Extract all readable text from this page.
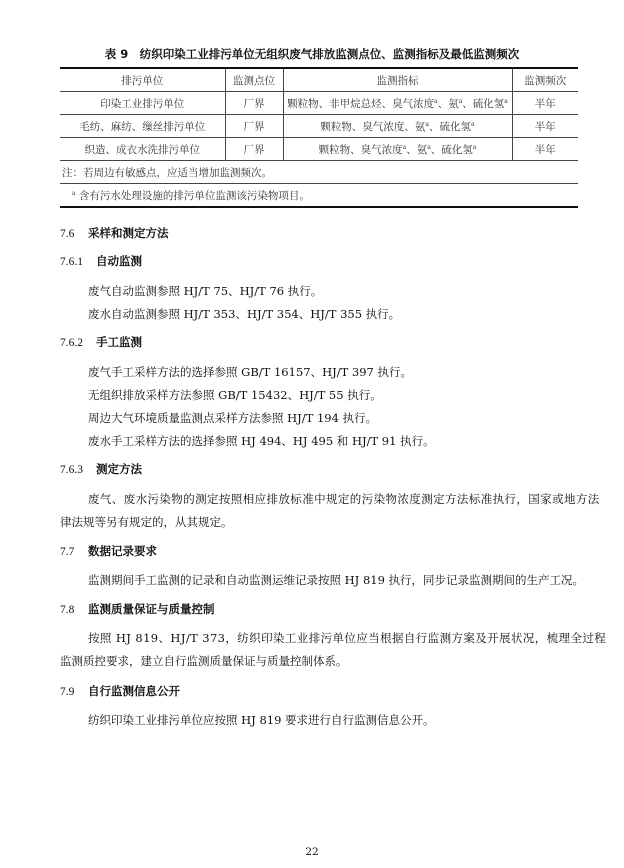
表 9　纺织印染工业排污单位无组织废气排放监测点位、监测指标及最低监测频次
排污单位	监测点位	监测指标	监测频次
印染工业排污单位	厂界	颗粒物、非甲烷总烃、臭气浓度$^a$、氨$^a$、硫化氢$^a$	半年
毛纺、麻纺、缫丝排污单位	厂界	颗粒物、臭气浓度、氨$^a$、硫化氢$^a$	半年
织造、成衣水洗排污单位	厂界	颗粒物、臭气浓度$^a$、氨$^a$、硫化氢$^a$	半年
注：若周边有敏感点，应适当增加监测频次。			
$^a$ 含有污水处理设施的排污单位监测该污染物项目。			
7.6 采样和测定方法
7.6.1 自动监测
废气自动监测参照 HJ/T 75、HJ/T 76 执行。
废水自动监测参照 HJ/T 353、HJ/T 354、HJ/T 355 执行。
7.6.2 手工监测
废气手工采样方法的选择参照 GB/T 16157、HJ/T 397 执行。
无组织排放采样方法参照 GB/T 15432、HJ/T 55 执行。
周边大气环境质量监测点采样方法参照 HJ/T 194 执行。
废水手工采样方法的选择参照 HJ 494、HJ 495 和 HJ/T 91 执行。
7.6.3 测定方法
废气、废水污染物的测定按照相应排放标准中规定的污染物浓度测定方法标准执行，国家或地方法
律法规等另有规定的，从其规定。
7.7 数据记录要求
监测期间手工监测的记录和自动监测运维记录按照 HJ 819 执行，同步记录监测期间的生产工况。
7.8 监测质量保证与质量控制
按照 HJ 819、HJ/T 373，纺织印染工业排污单位应当根据自行监测方案及开展状况，梳理全过程
监测质控要求，建立自行监测质量保证与质量控制体系。
7.9 自行监测信息公开
纺织印染工业排污单位应按照 HJ 819 要求进行自行监测信息公开。
22
